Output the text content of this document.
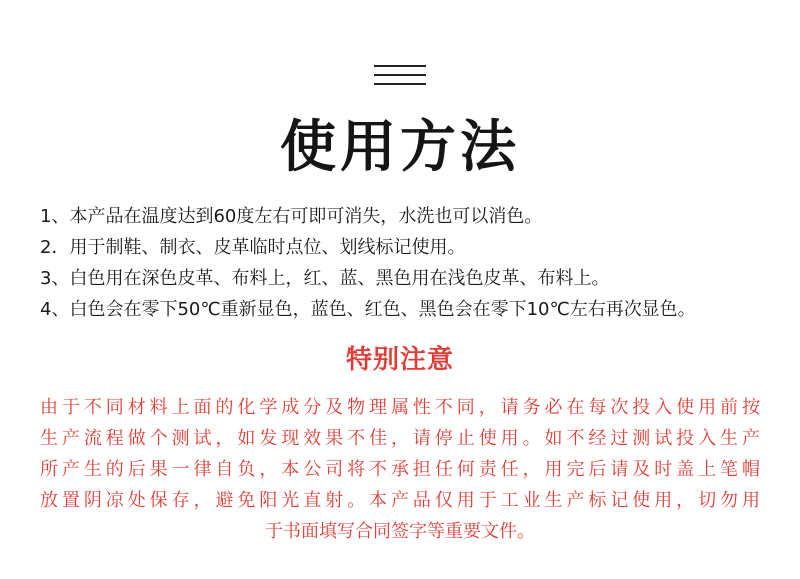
使用方法
1、本产品在温度达到60度左右可即可消失，水洗也可以消色。
2．用于制鞋、制衣、皮革临时点位、划线标记使用。
3、白色用在深色皮革、布料上，红、蓝、黑色用在浅色皮革、布料上。
4、白色会在零下50℃重新显色，蓝色、红色、黑色会在零下10℃左右再次显色。
特别注意
由于不同材料上面的化学成分及物理属性不同，请务必在每次投入使用前按
生产流程做个测试，如发现效果不佳，请停止使用。如不经过测试投入生产
所产生的后果一律自负，本公司将不承担任何责任，用完后请及时盖上笔帽
放置阴凉处保存，避免阳光直射。本产品仅用于工业生产标记使用，切勿用
于书面填写合同签字等重要文件。
